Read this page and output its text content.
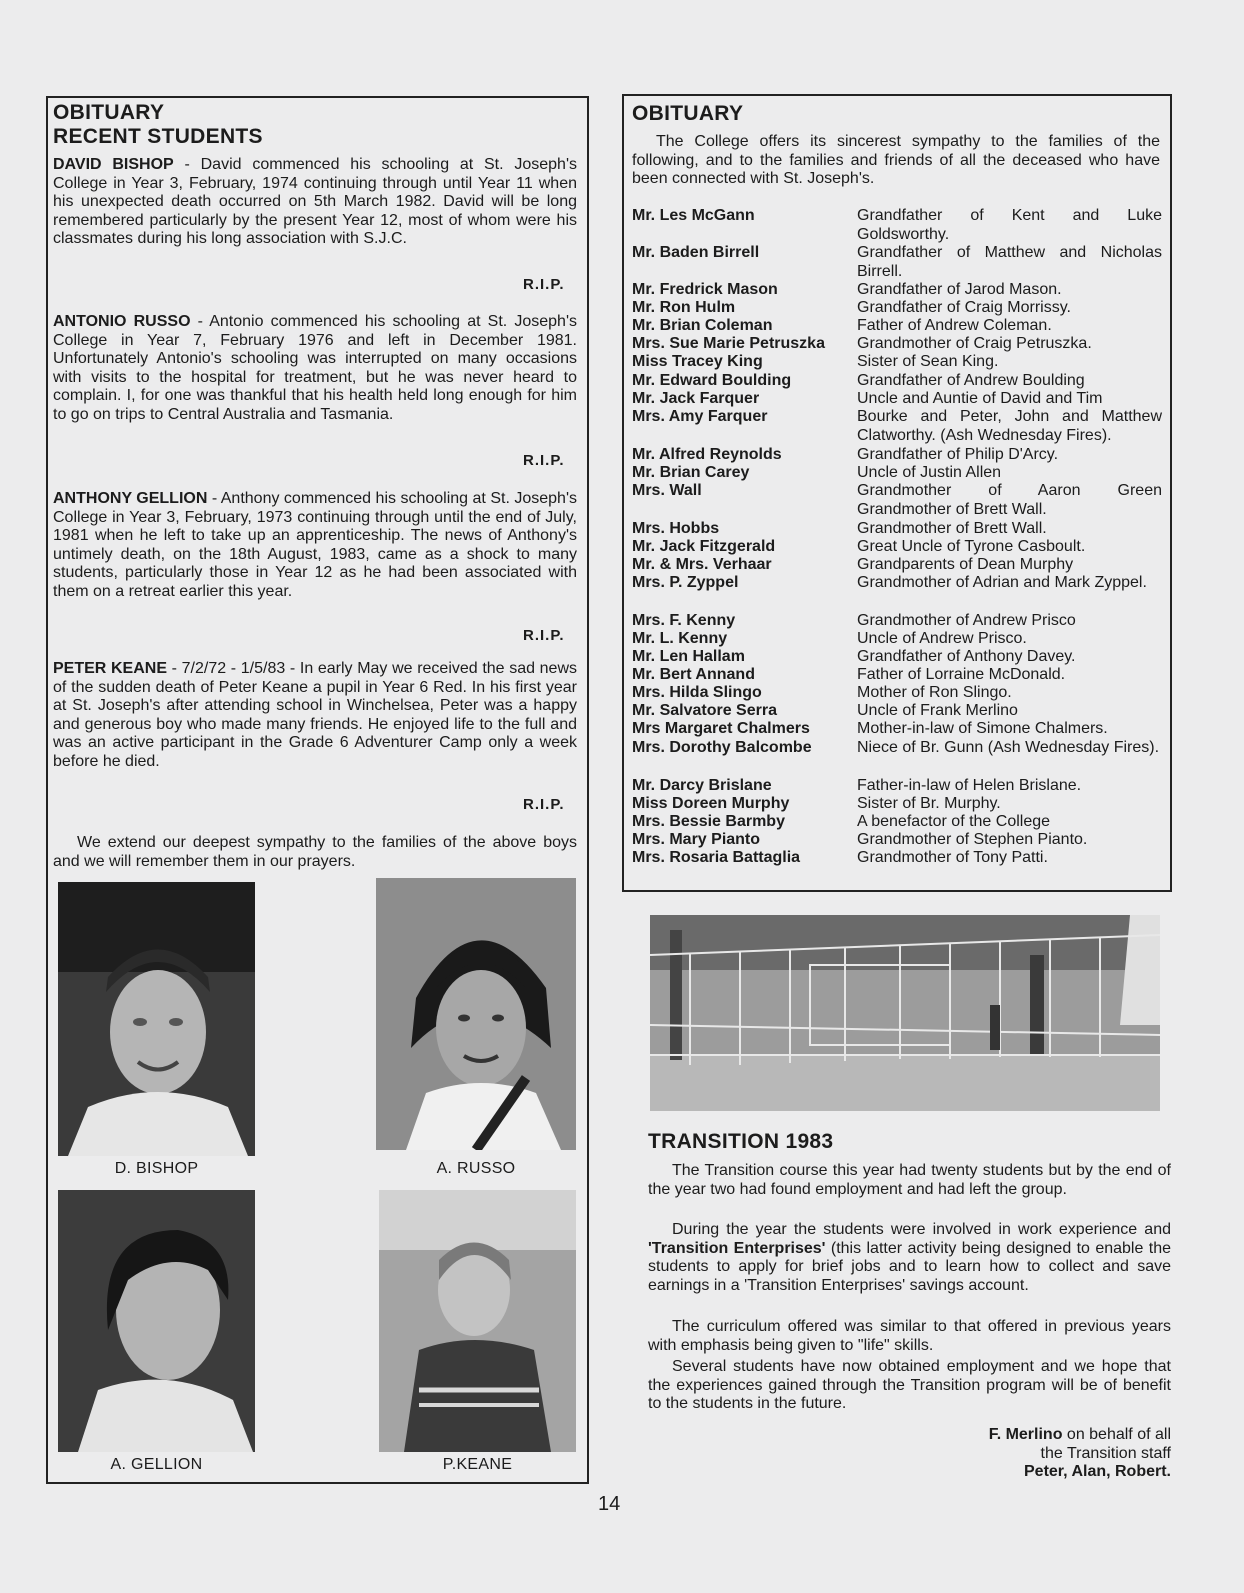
OBITUARY
RECENT STUDENTS
DAVID BISHOP - David commenced his schooling at St. Joseph's College in Year 3, February, 1974 continuing through until Year 11 when his unexpected death occurred on 5th March 1982. David will be long remembered particularly by the present Year 12, most of whom were his classmates during his long association with S.J.C.
R.I.P.
ANTONIO RUSSO - Antonio commenced his schooling at St. Joseph's College in Year 7, February 1976 and left in December 1981. Unfortunately Antonio's schooling was interrupted on many occasions with visits to the hospital for treatment, but he was never heard to complain. I, for one was thankful that his health held long enough for him to go on trips to Central Australia and Tasmania.
R.I.P.
ANTHONY GELLION - Anthony commenced his schooling at St. Joseph's College in Year 3, February, 1973 continuing through until the end of July, 1981 when he left to take up an apprenticeship. The news of Anthony's untimely death, on the 18th August, 1983, came as a shock to many students, particularly those in Year 12 as he had been associated with them on a retreat earlier this year.
R.I.P.
PETER KEANE - 7/2/72 - 1/5/83 - In early May we received the sad news of the sudden death of Peter Keane a pupil in Year 6 Red. In his first year at St. Joseph's after attending school in Winchelsea, Peter was a happy and generous boy who made many friends. He enjoyed life to the full and was an active participant in the Grade 6 Adventurer Camp only a week before he died.
R.I.P.
We extend our deepest sympathy to the families of the above boys and we will remember them in our prayers.
D. BISHOP	A. RUSSO
A. GELLION	P.KEANE
OBITUARY
The College offers its sincerest sympathy to the families of the following, and to the families and friends of all the deceased who have been connected with St. Joseph's.
Mr. Les McGann	Grandfather of Kent and Luke Goldsworthy.
Mr. Baden Birrell	Grandfather of Matthew and Nicholas Birrell.
Mr. Fredrick Mason	Grandfather of Jarod Mason.
Mr. Ron Hulm	Grandfather of Craig Morrissy.
Mr. Brian Coleman	Father of Andrew Coleman.
Mrs. Sue Marie Petruszka	Grandmother of Craig Petruszka.
Miss Tracey King	Sister of Sean King.
Mr. Edward Boulding	Grandfather of Andrew Boulding
Mr. Jack Farquer	Uncle and Auntie of David and Tim
Mrs. Amy Farquer	Bourke and Peter, John and Matthew Clatworthy. (Ash Wednesday Fires).
Mr. Alfred Reynolds	Grandfather of Philip D'Arcy.
Mr. Brian Carey	Uncle of Justin Allen
Mrs. Wall	Grandmother of Aaron Green Grandmother of Brett Wall.
Mrs. Hobbs	Grandmother of Brett Wall.
Mr. Jack Fitzgerald	Great Uncle of Tyrone Casboult.
Mr. & Mrs. Verhaar	Grandparents of Dean Murphy
Mrs. P. Zyppel	Grandmother of Adrian and Mark Zyppel.
Mrs. F. Kenny	Grandmother of Andrew Prisco
Mr. L. Kenny	Uncle of Andrew Prisco.
Mr. Len Hallam	Grandfather of Anthony Davey.
Mr. Bert Annand	Father of Lorraine McDonald.
Mrs. Hilda Slingo	Mother of Ron Slingo.
Mr. Salvatore Serra	Uncle of Frank Merlino
Mrs Margaret Chalmers	Mother-in-law of Simone Chalmers.
Mrs. Dorothy Balcombe	Niece of Br. Gunn (Ash Wednesday Fires).
Mr. Darcy Brislane	Father-in-law of Helen Brislane.
Miss Doreen Murphy	Sister of Br. Murphy.
Mrs. Bessie Barmby	A benefactor of the College
Mrs. Mary Pianto	Grandmother of Stephen Pianto.
Mrs. Rosaria Battaglia	Grandmother of Tony Patti.
TRANSITION 1983
The Transition course this year had twenty students but by the end of the year two had found employment and had left the group.
During the year the students were involved in work experience and 'Transition Enterprises' (this latter activity being designed to enable the students to apply for brief jobs and to learn how to collect and save earnings in a 'Transition Enterprises' savings account.
The curriculum offered was similar to that offered in previous years with emphasis being given to "life" skills.
Several students have now obtained employment and we hope that the experiences gained through the Transition program will be of benefit to the students in the future.
F. Merlino on behalf of all
the Transition staff
Peter, Alan, Robert.
14
